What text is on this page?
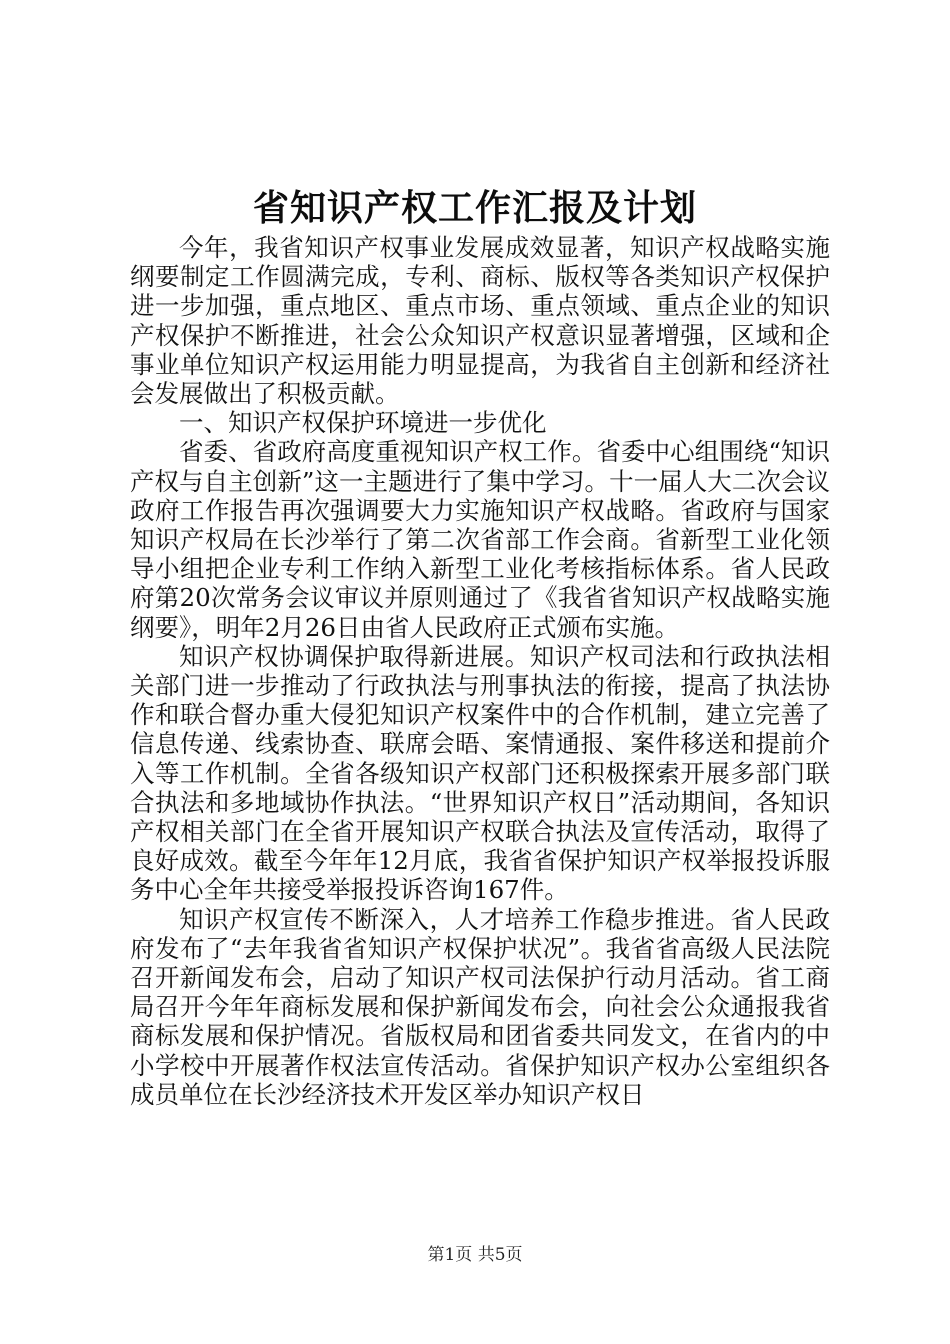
省知识产权工作汇报及计划

今年，我省知识产权事业发展成效显著，知识产权战略实施纲要制定工作圆满完成，专利、商标、版权等各类知识产权保护进一步加强，重点地区、重点市场、重点领域、重点企业的知识产权保护不断推进，社会公众知识产权意识显著增强，区域和企事业单位知识产权运用能力明显提高，为我省自主创新和经济社会发展做出了积极贡献。

一、知识产权保护环境进一步优化

省委、省政府高度重视知识产权工作。省委中心组围绕“知识产权与自主创新”这一主题进行了集中学习。十一届人大二次会议政府工作报告再次强调要大力实施知识产权战略。省政府与国家知识产权局在长沙举行了第二次省部工作会商。省新型工业化领导小组把企业专利工作纳入新型工业化考核指标体系。省人民政府第20次常务会议审议并原则通过了《我省省知识产权战略实施纲要》，明年2月26日由省人民政府正式颁布实施。

知识产权协调保护取得新进展。知识产权司法和行政执法相关部门进一步推动了行政执法与刑事执法的衔接，提高了执法协作和联合督办重大侵犯知识产权案件中的合作机制，建立完善了信息传递、线索协查、联席会晤、案情通报、案件移送和提前介入等工作机制。全省各级知识产权部门还积极探索开展多部门联合执法和多地域协作执法。“世界知识产权日”活动期间，各知识产权相关部门在全省开展知识产权联合执法及宣传活动，取得了良好成效。截至今年年12月底，我省省保护知识产权举报投诉服务中心全年共接受举报投诉咨询167件。

知识产权宣传不断深入，人才培养工作稳步推进。省人民政府发布了“去年我省省知识产权保护状况”。我省省高级人民法院召开新闻发布会，启动了知识产权司法保护行动月活动。省工商局召开今年年商标发展和保护新闻发布会，向社会公众通报我省商标发展和保护情况。省版权局和团省委共同发文，在省内的中小学校中开展著作权法宣传活动。省保护知识产权办公室组织各成员单位在长沙经济技术开发区举办知识产权日

第1页 共5页
